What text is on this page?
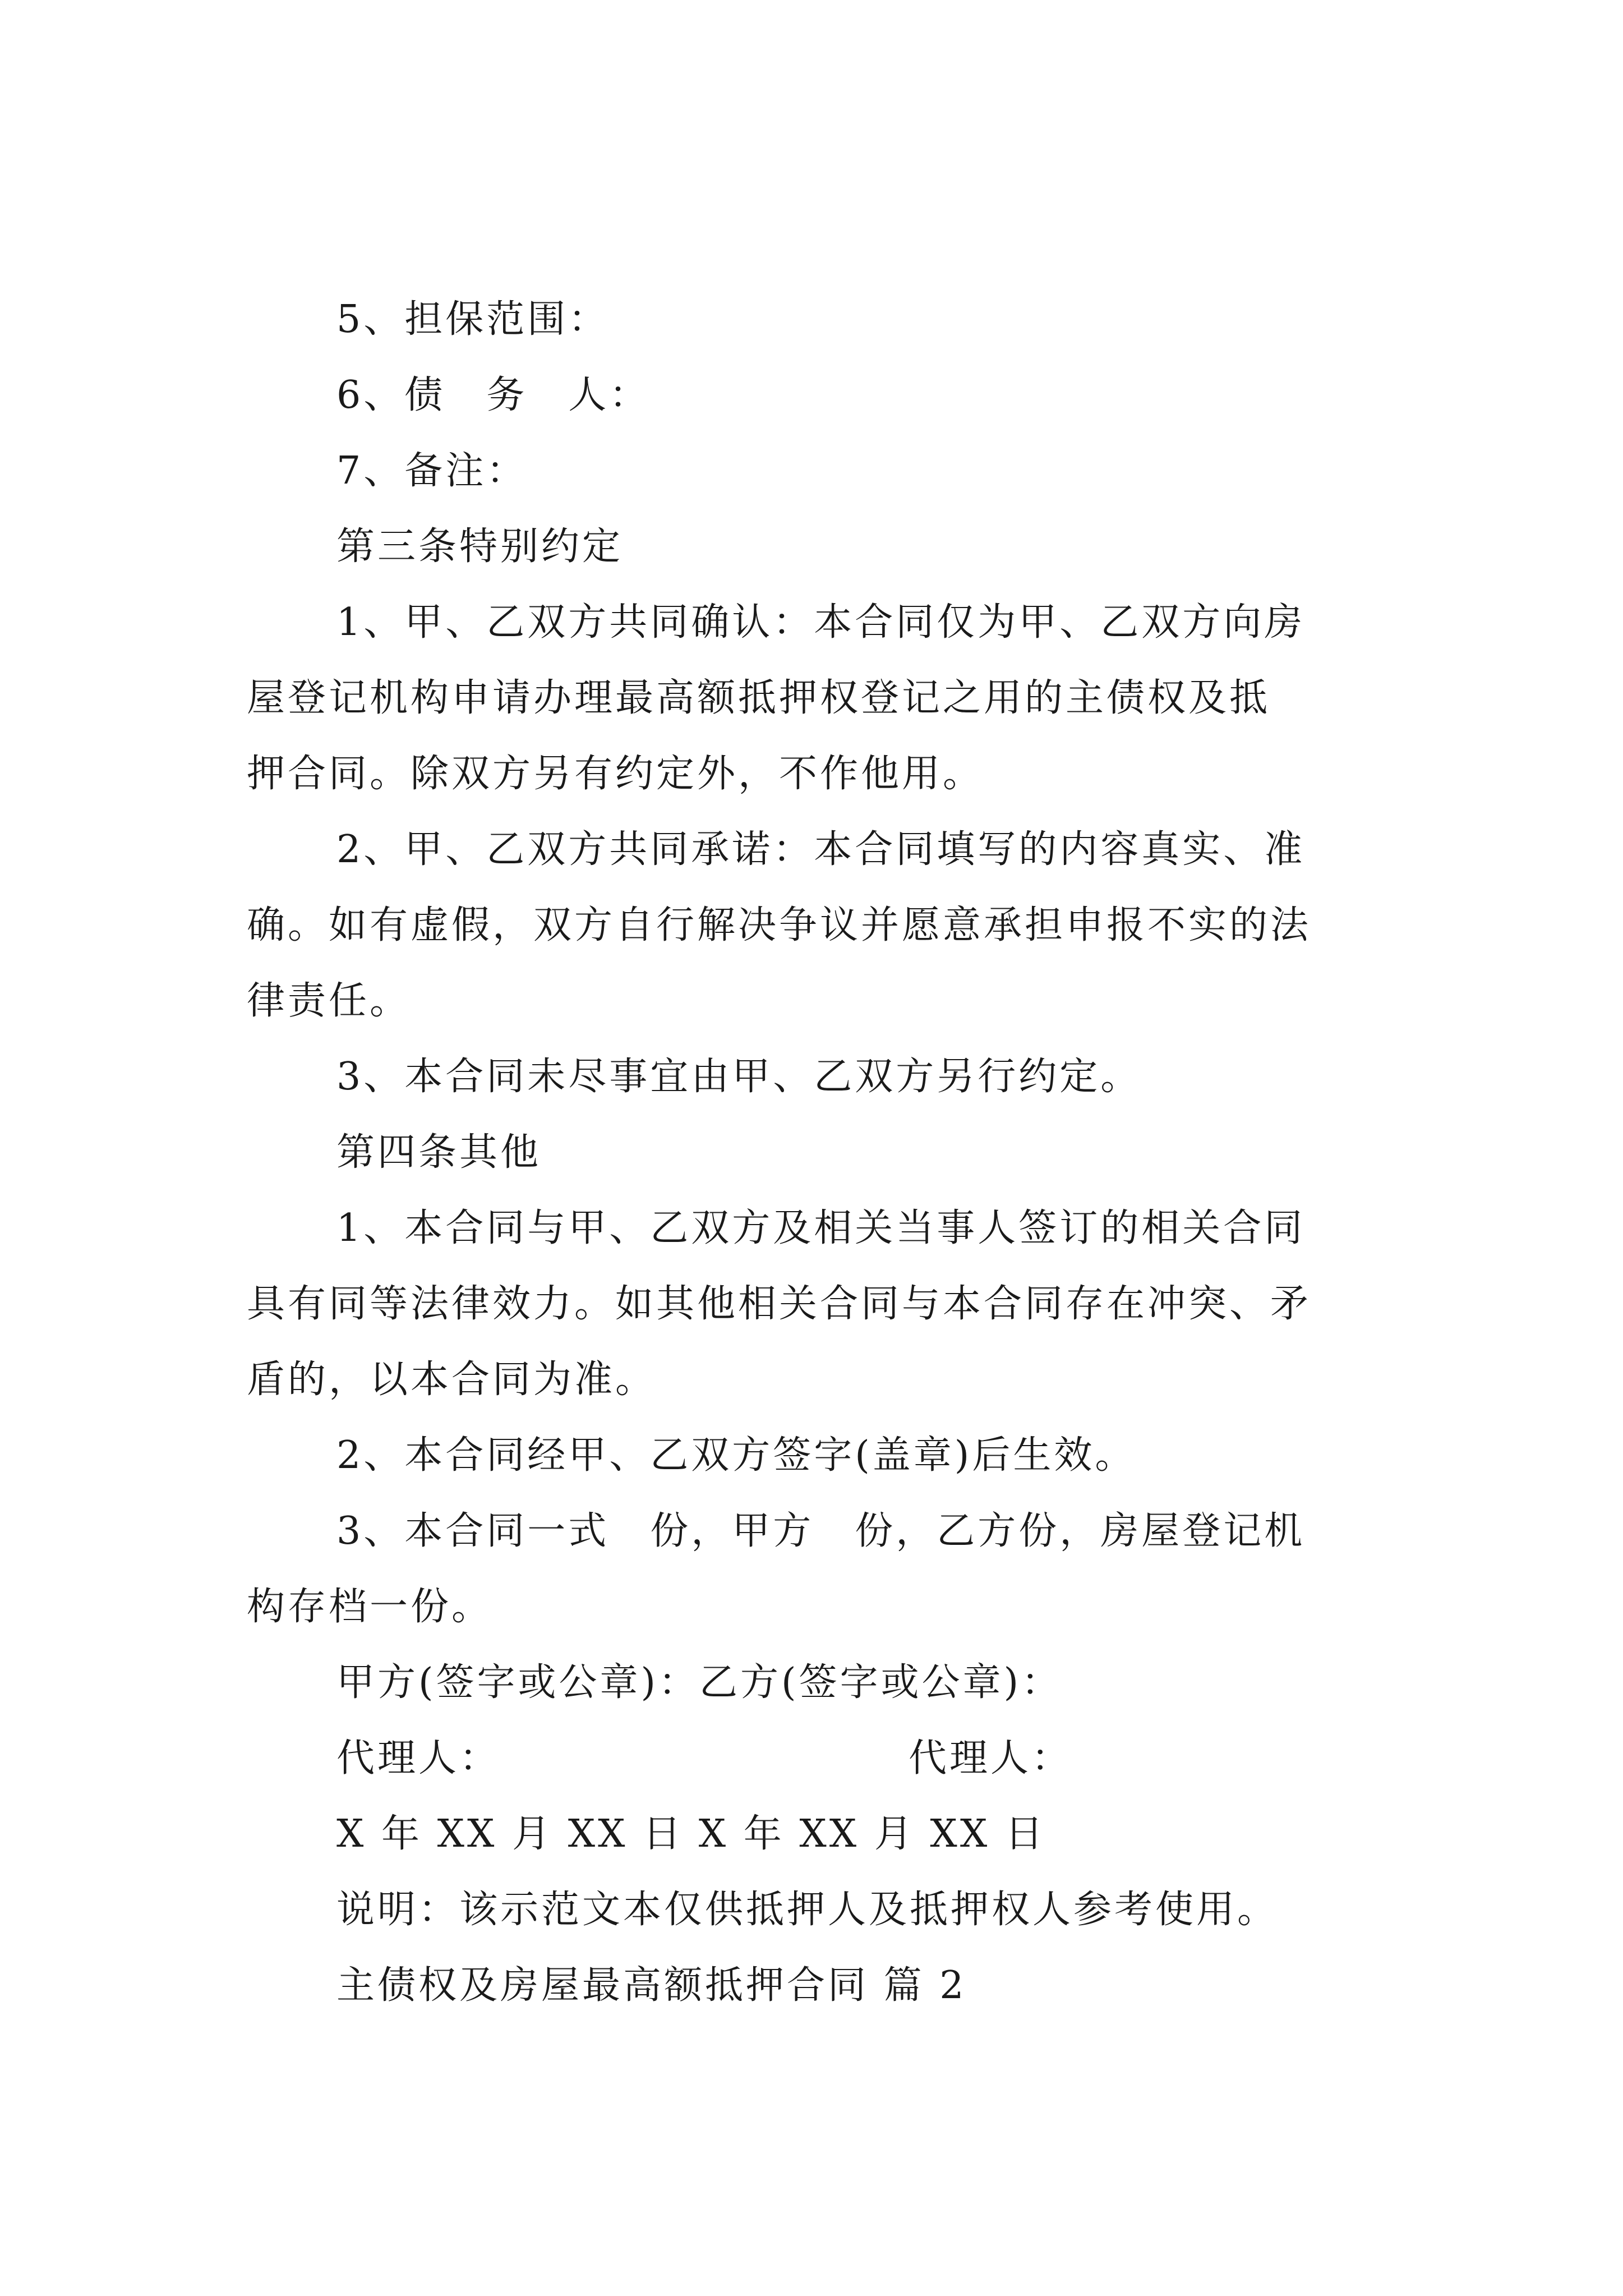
5、担保范围：
6、债　务　人：
7、备注：
第三条特别约定
1、甲、乙双方共同确认：本合同仅为甲、乙双方向房
屋登记机构申请办理最高额抵押权登记之用的主债权及抵
押合同。除双方另有约定外，不作他用。
2、甲、乙双方共同承诺：本合同填写的内容真实、准
确。如有虚假，双方自行解决争议并愿意承担申报不实的法
律责任。
3、本合同未尽事宜由甲、乙双方另行约定。
第四条其他
1、本合同与甲、乙双方及相关当事人签订的相关合同
具有同等法律效力。如其他相关合同与本合同存在冲突、矛
盾的，以本合同为准。
2、本合同经甲、乙双方签字(盖章)后生效。
3、本合同一式　份，甲方　份，乙方份，房屋登记机
构存档一份。
甲方(签字或公章)：乙方(签字或公章)：
代理人：	代理人：
X 年 XX 月 XX 日 X 年 XX 月 XX 日
说明：该示范文本仅供抵押人及抵押权人参考使用。
主债权及房屋最高额抵押合同 篇 2
